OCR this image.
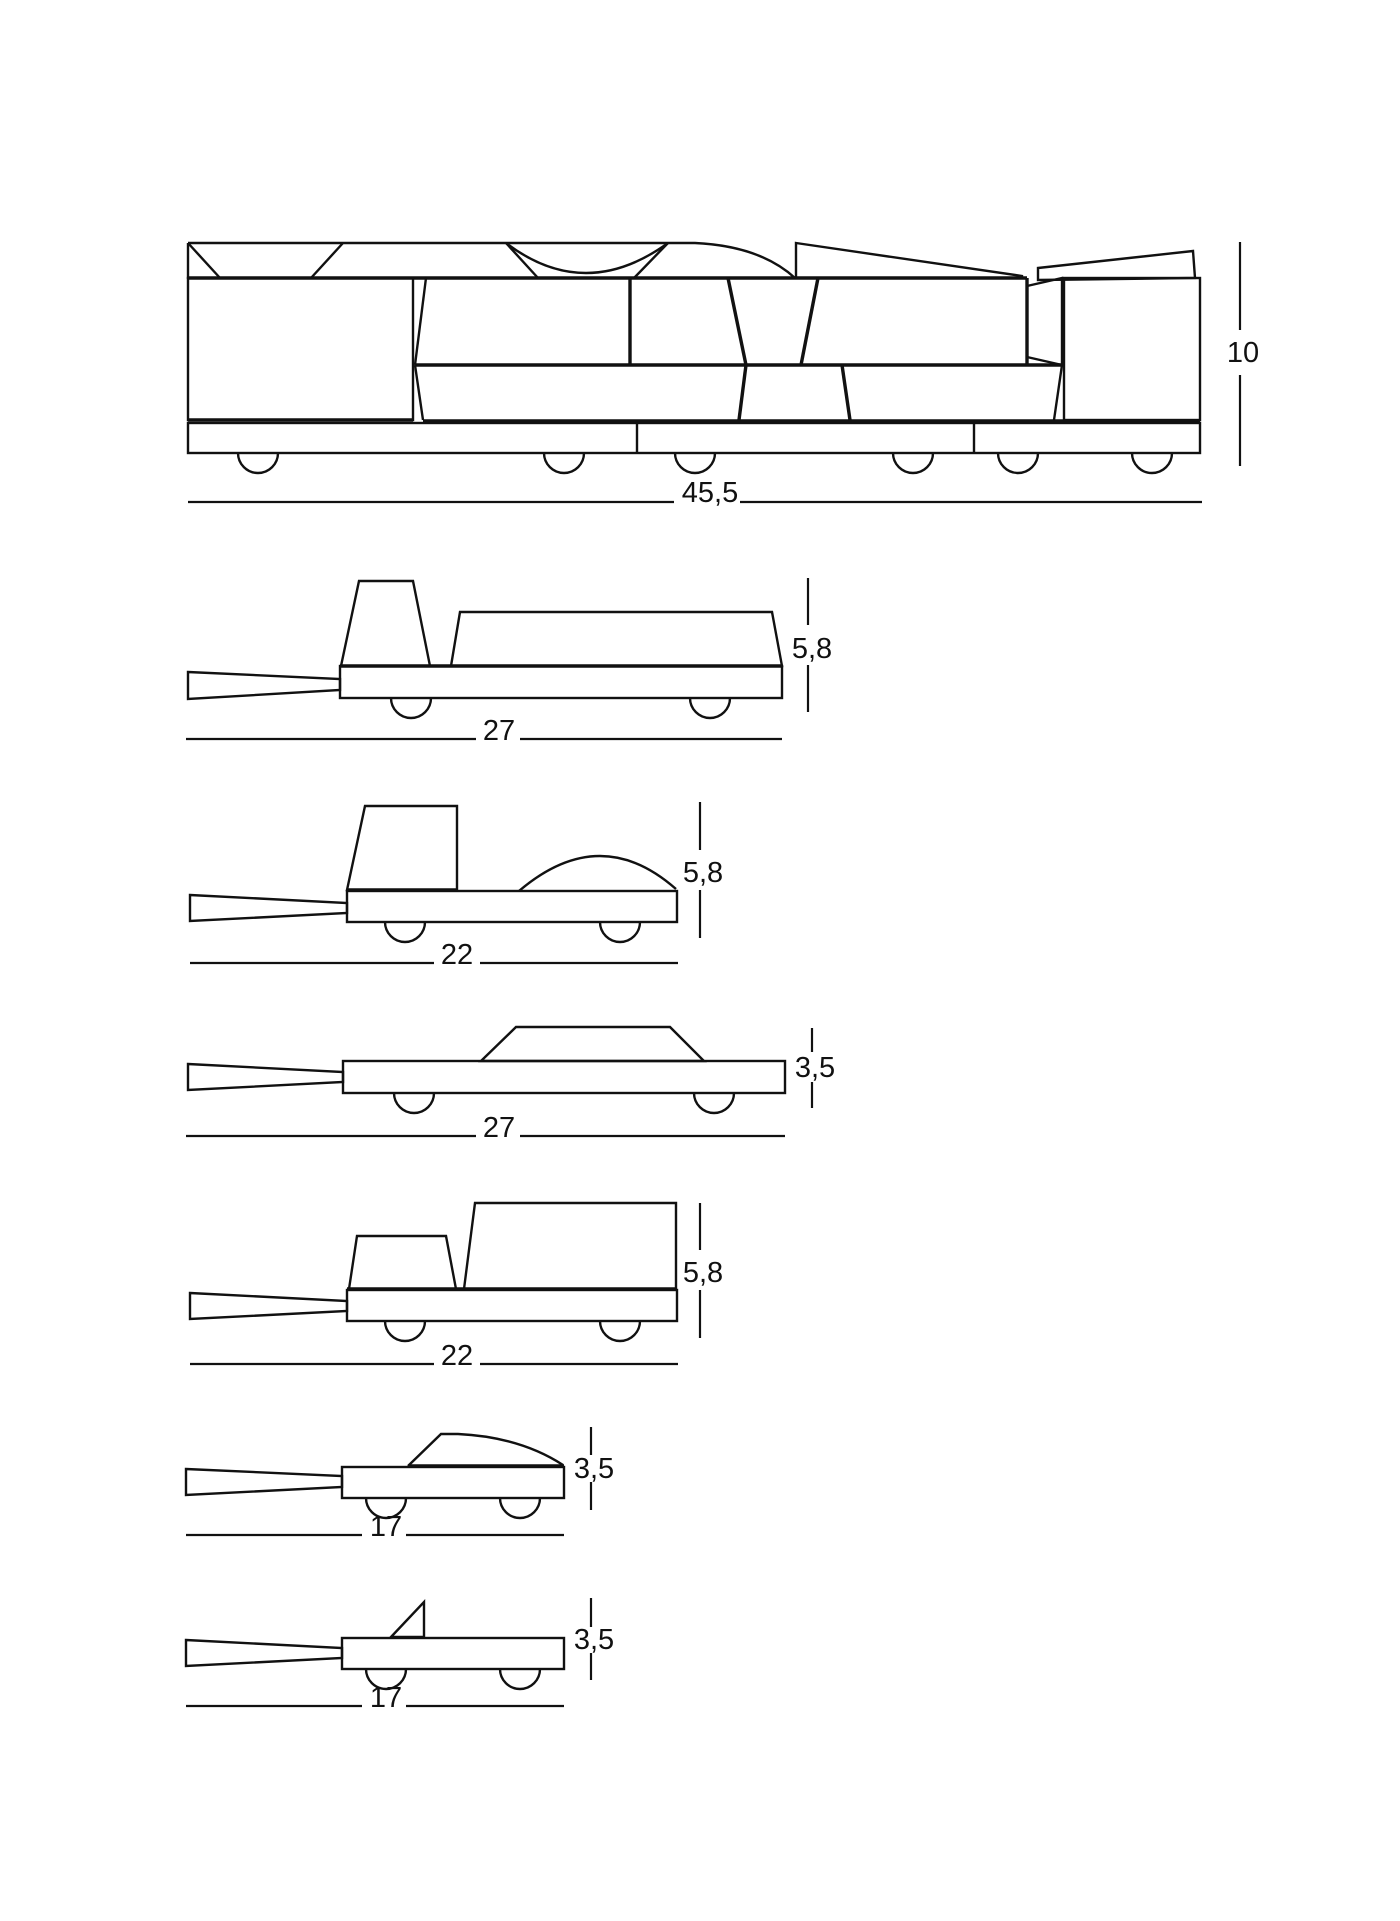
10
45,5
5,8
27
5,8
22
3,5
27
5,8
22
3,5
17
3,5
17
